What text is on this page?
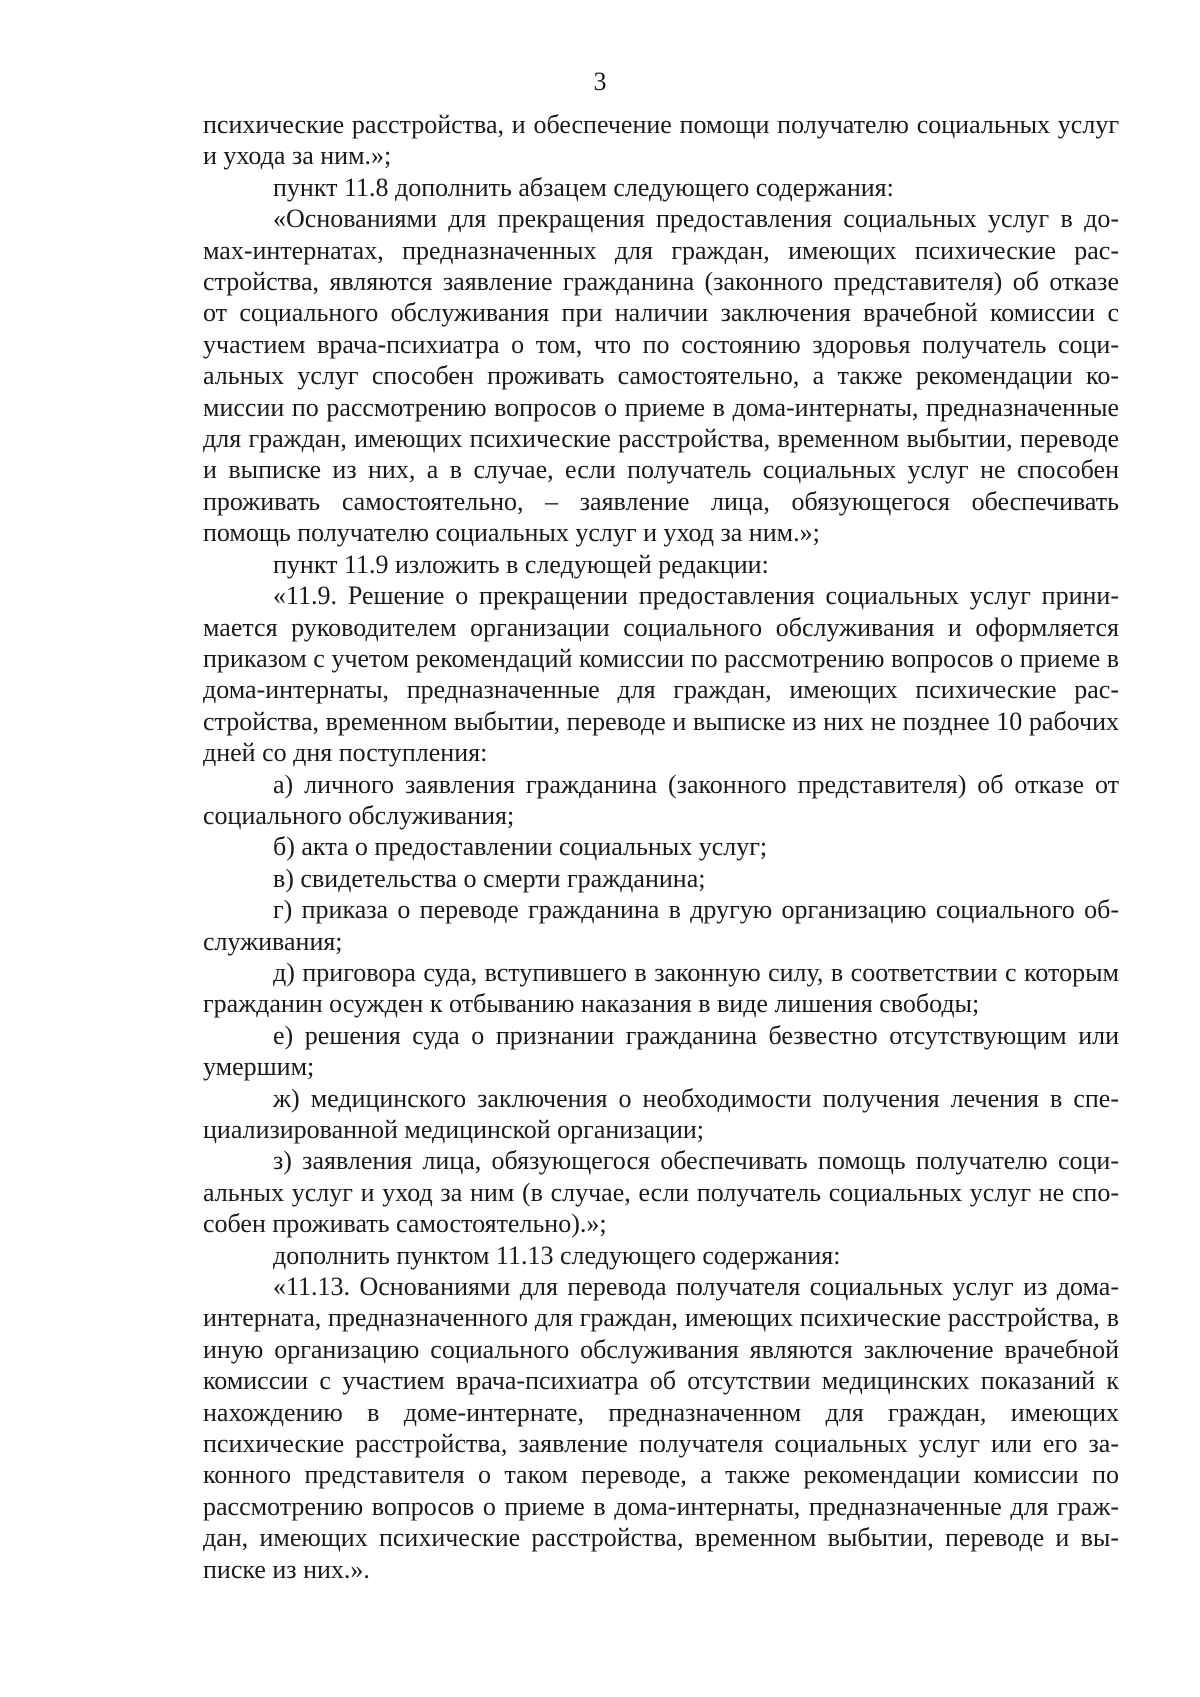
3

психические расстройства, и обеспечение помощи получателю социальных услуг и ухода за ним.»;

пункт 11.8 дополнить абзацем следующего содержания:

«Основаниями для прекращения предоставления социальных услуг в домах-интернатах, предназначенных для граждан, имеющих психические расстройства, являются заявление гражданина (законного представителя) об отказе от социального обслуживания при наличии заключения врачебной комиссии с участием врача-психиатра о том, что по состоянию здоровья получатель социальных услуг способен проживать самостоятельно, а также рекомендации комиссии по рассмотрению вопросов о приеме в дома-интернаты, предназначенные для граждан, имеющих психические расстройства, временном выбытии, переводе и выписке из них, а в случае, если получатель социальных услуг не способен проживать самостоятельно, – заявление лица, обязующегося обеспечивать помощь получателю социальных услуг и уход за ним.»;

пункт 11.9 изложить в следующей редакции:

«11.9. Решение о прекращении предоставления социальных услуг принимается руководителем организации социального обслуживания и оформляется приказом с учетом рекомендаций комиссии по рассмотрению вопросов о приеме в дома-интернаты, предназначенные для граждан, имеющих психические расстройства, временном выбытии, переводе и выписке из них не позднее 10 рабочих дней со дня поступления:

а) личного заявления гражданина (законного представителя) об отказе от социального обслуживания;

б) акта о предоставлении социальных услуг;

в) свидетельства о смерти гражданина;

г) приказа о переводе гражданина в другую организацию социального обслуживания;

д) приговора суда, вступившего в законную силу, в соответствии с которым гражданин осужден к отбыванию наказания в виде лишения свободы;

е) решения суда о признании гражданина безвестно отсутствующим или умершим;

ж) медицинского заключения о необходимости получения лечения в специализированной медицинской организации;

з) заявления лица, обязующегося обеспечивать помощь получателю социальных услуг и уход за ним (в случае, если получатель социальных услуг не способен проживать самостоятельно).»;

дополнить пунктом 11.13 следующего содержания:

«11.13. Основаниями для перевода получателя социальных услуг из дома-интерната, предназначенного для граждан, имеющих психические расстройства, в иную организацию социального обслуживания являются заключение врачебной комиссии с участием врача-психиатра об отсутствии медицинских показаний к нахождению в доме-интернате, предназначенном для граждан, имеющих психические расстройства, заявление получателя социальных услуг или его законного представителя о таком переводе, а также рекомендации комиссии по рассмотрению вопросов о приеме в дома-интернаты, предназначенные для граждан, имеющих психические расстройства, временном выбытии, переводе и выписке из них.».
